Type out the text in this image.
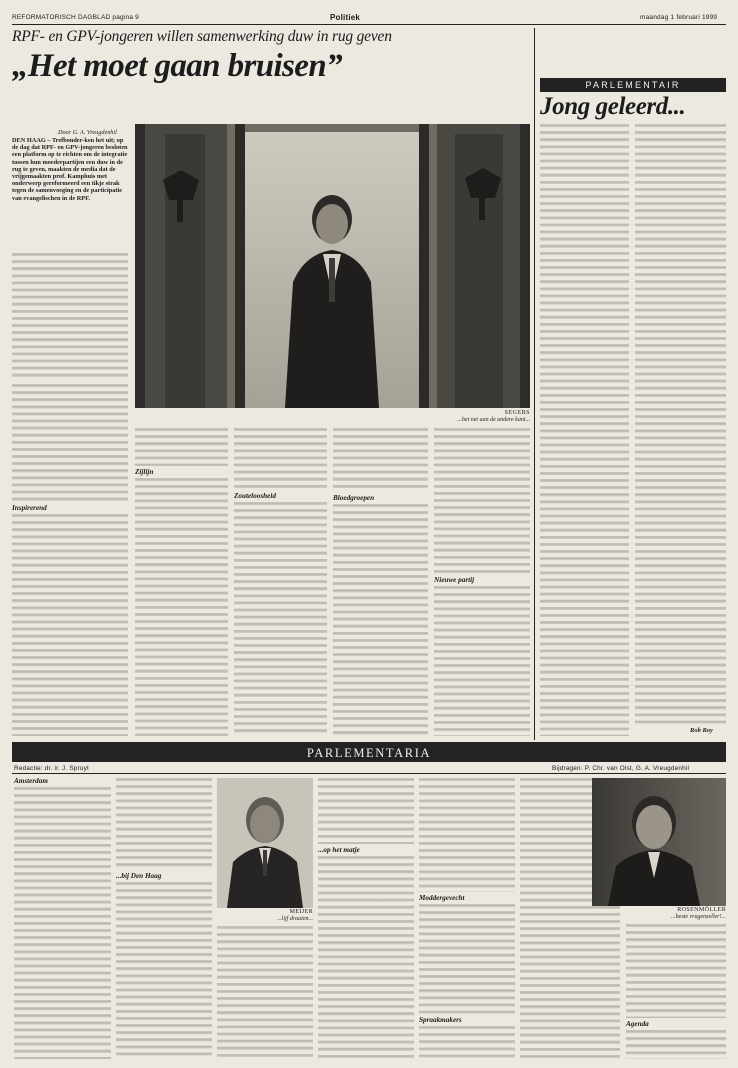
REFORMATORISCH DAGBLAD pagina 9	Politiek	maandag 1 februari 1999
RPF- en GPV-jongeren willen samenwerking duw in rug geven
„Het moet gaan bruisen”
Door G. A. Vreugdenhil
DEN HAAG – Trefbonder-ken het uit; op de dag dat RPF- en GPV-jongeren besloten een platform op te richten om de integratie tussen hun moederpartijen een duw in de rug te geven, maakten de media dat de vrijgemaakten prof. Kamphuis met onderwerp gereformeerd een tikje strak tegen de samenvoeging en de participatie van evangelischen in de RPF.
Inspirerend
SEGERS
...het net aan de andere kant...
Zijlijn
Zouteloosheid	Bloedgroepen
Nieuwe partij
PARLEMENTAIR
Jong geleerd...
Rob Roy
PARLEMENTARIA
Redactie: dr. ir. J. Spruyt	Bijdragen: P. Chr. van Olst, G. A. Vreugdenhil
Amsterdam
...bij Den Haag
MEIJER
...lijf draaien...
...op het matje
Moddergevecht
Spraakmakers
ROSENMÖLLER
...beste vrugenzeller!...
Agenda
